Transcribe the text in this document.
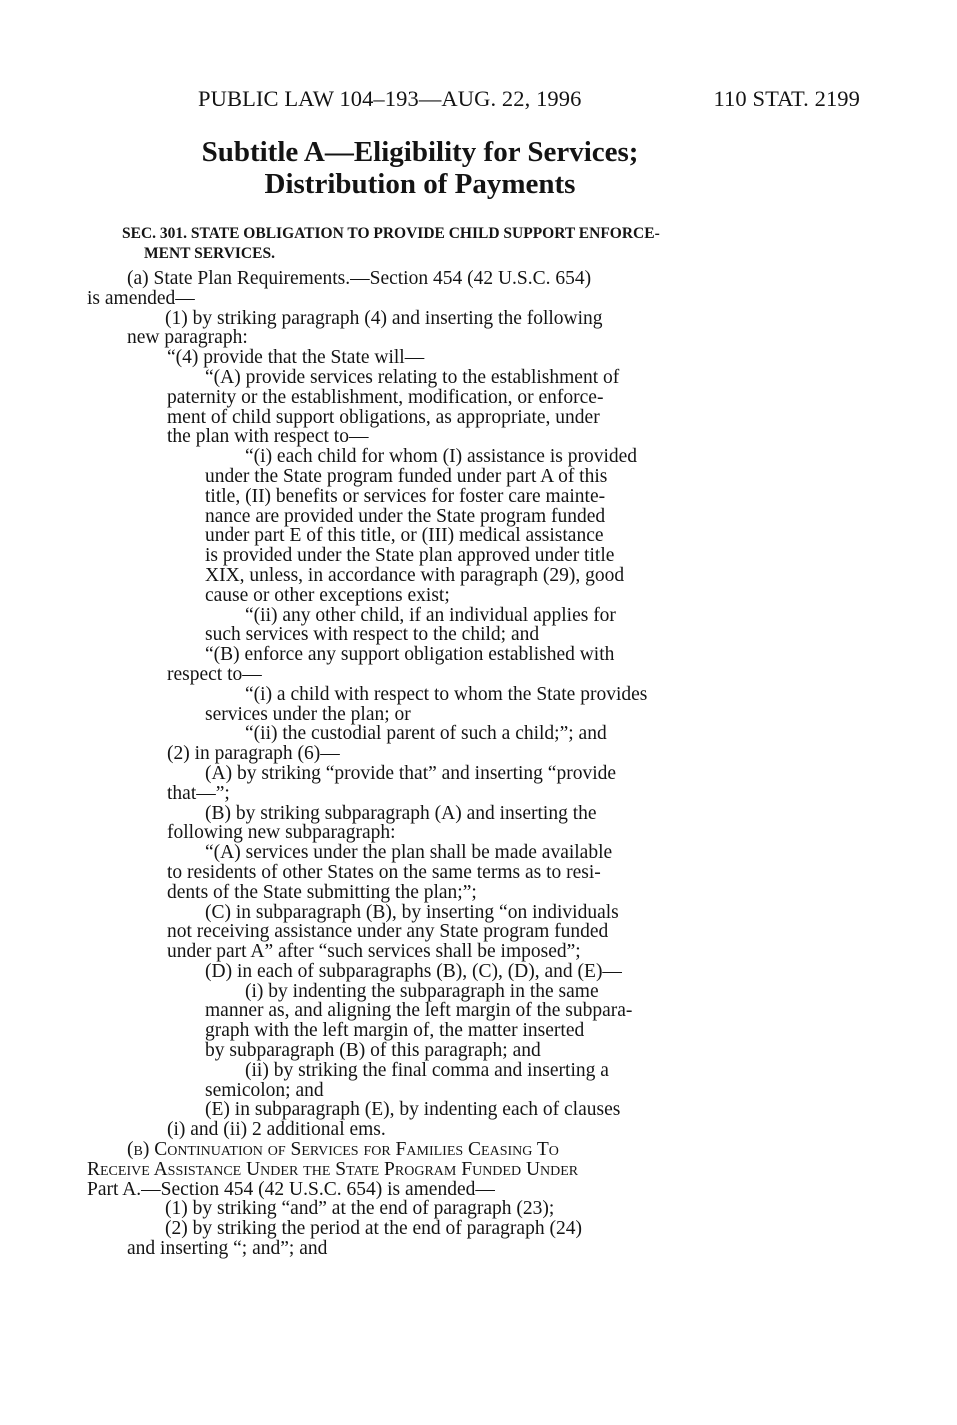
PUBLIC LAW 104–193—AUG. 22, 1996	110 STAT. 2199
Subtitle A—Eligibility for Services;
Distribution of Payments
SEC. 301. STATE OBLIGATION TO PROVIDE CHILD SUPPORT ENFORCE-
MENT SERVICES.
(a) State Plan Requirements.—Section 454 (42 U.S.C. 654)
is amended—
(1) by striking paragraph (4) and inserting the following
new paragraph:
“(4) provide that the State will—
“(A) provide services relating to the establishment of
paternity or the establishment, modification, or enforce-
ment of child support obligations, as appropriate, under
the plan with respect to—
“(i) each child for whom (I) assistance is provided
under the State program funded under part A of this
title, (II) benefits or services for foster care mainte-
nance are provided under the State program funded
under part E of this title, or (III) medical assistance
is provided under the State plan approved under title
XIX, unless, in accordance with paragraph (29), good
cause or other exceptions exist;
“(ii) any other child, if an individual applies for
such services with respect to the child; and
“(B) enforce any support obligation established with
respect to—
“(i) a child with respect to whom the State provides
services under the plan; or
“(ii) the custodial parent of such a child;”; and
(2) in paragraph (6)—
(A) by striking “provide that” and inserting “provide
that—”;
(B) by striking subparagraph (A) and inserting the
following new subparagraph:
“(A) services under the plan shall be made available
to residents of other States on the same terms as to resi-
dents of the State submitting the plan;”;
(C) in subparagraph (B), by inserting “on individuals
not receiving assistance under any State program funded
under part A” after “such services shall be imposed”;
(D) in each of subparagraphs (B), (C), (D), and (E)—
(i) by indenting the subparagraph in the same
manner as, and aligning the left margin of the subpara-
graph with the left margin of, the matter inserted
by subparagraph (B) of this paragraph; and
(ii) by striking the final comma and inserting a
semicolon; and
(E) in subparagraph (E), by indenting each of clauses
(i) and (ii) 2 additional ems.
(b) Continuation of Services for Families Ceasing To
Receive Assistance Under the State Program Funded Under
Part A.—Section 454 (42 U.S.C. 654) is amended—
(1) by striking “and” at the end of paragraph (23);
(2) by striking the period at the end of paragraph (24)
and inserting “; and”; and
